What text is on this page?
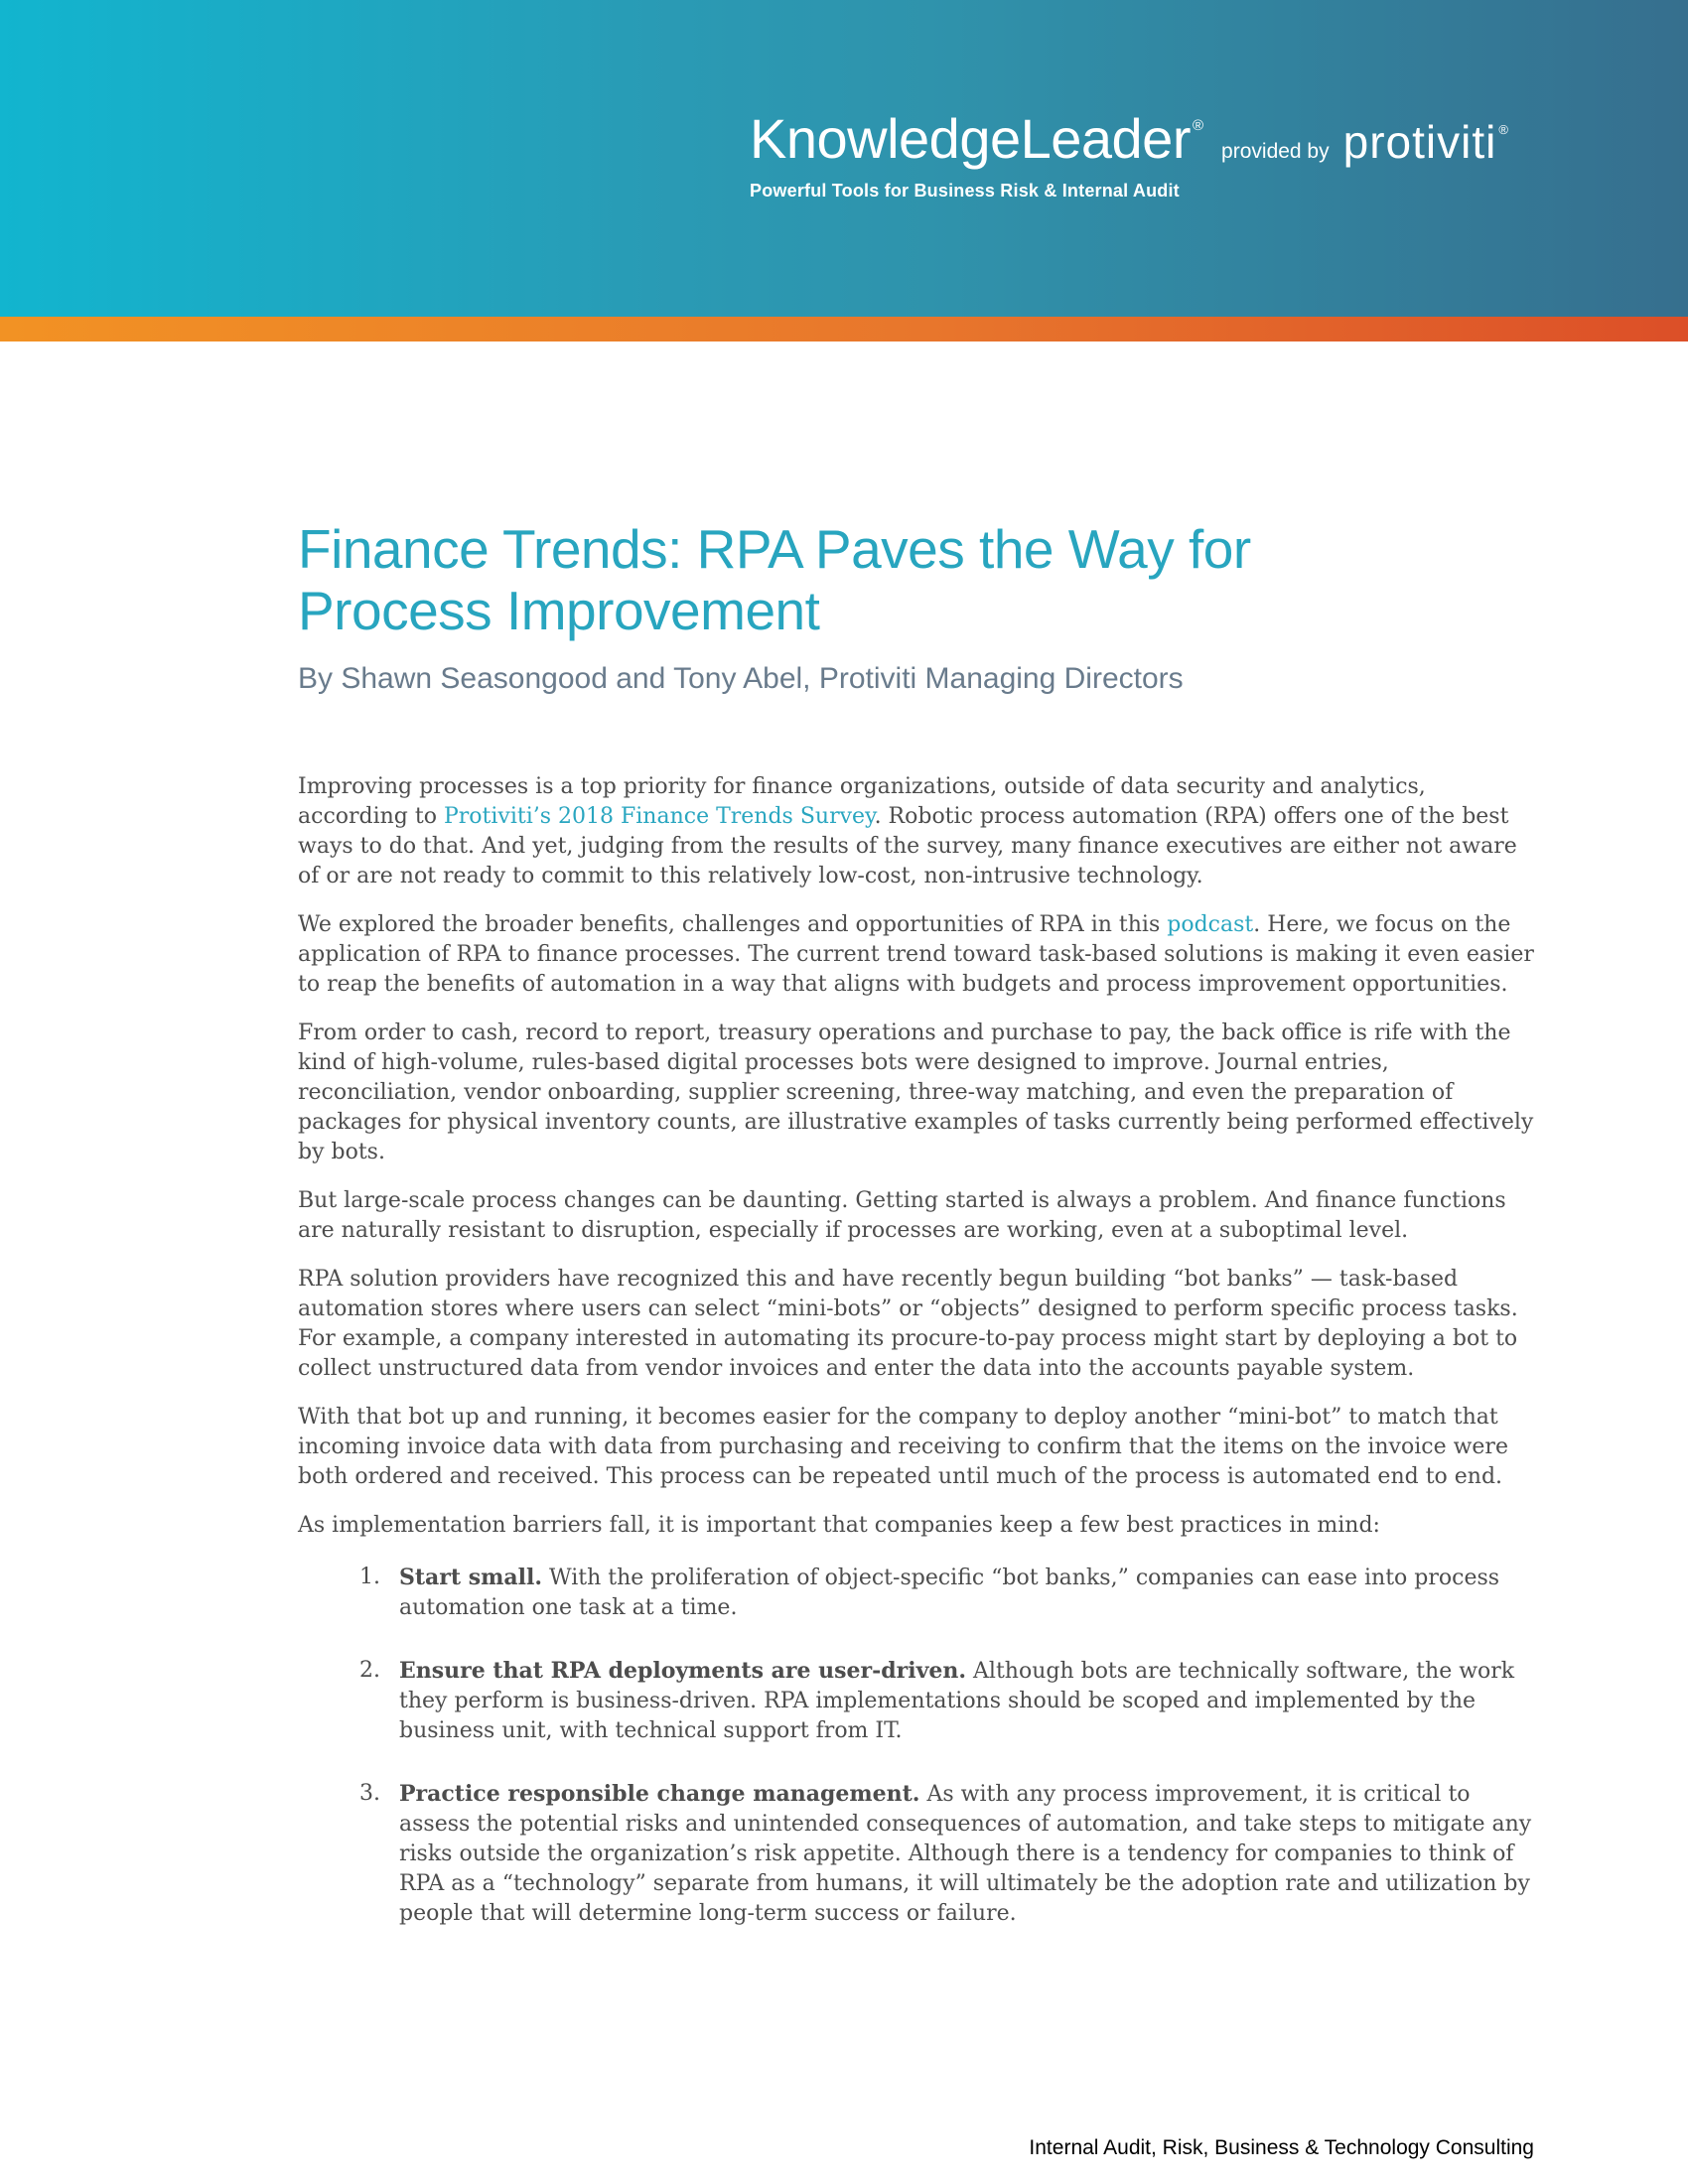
KnowledgeLeader ®
provided by protiviti ®
Powerful Tools for Business Risk & Internal Audit
Finance Trends: RPA Paves the Way for Process Improvement
By Shawn Seasongood and Tony Abel, Protiviti Managing Directors

Improving processes is a top priority for finance organizations, outside of data security and analytics, according to Protiviti’s 2018 Finance Trends Survey. Robotic process automation (RPA) offers one of the best ways to do that. And yet, judging from the results of the survey, many finance executives are either not aware of or are not ready to commit to this relatively low-cost, non-intrusive technology.

We explored the broader benefits, challenges and opportunities of RPA in this podcast. Here, we focus on the application of RPA to finance processes. The current trend toward task-based solutions is making it even easier to reap the benefits of automation in a way that aligns with budgets and process improvement opportunities.

From order to cash, record to report, treasury operations and purchase to pay, the back office is rife with the kind of high-volume, rules-based digital processes bots were designed to improve. Journal entries, reconciliation, vendor onboarding, supplier screening, three-way matching, and even the preparation of packages for physical inventory counts, are illustrative examples of tasks currently being performed effectively by bots.

But large-scale process changes can be daunting. Getting started is always a problem. And finance functions are naturally resistant to disruption, especially if processes are working, even at a suboptimal level.

RPA solution providers have recognized this and have recently begun building “bot banks” — task-based automation stores where users can select “mini-bots” or “objects” designed to perform specific process tasks. For example, a company interested in automating its procure-to-pay process might start by deploying a bot to collect unstructured data from vendor invoices and enter the data into the accounts payable system.

With that bot up and running, it becomes easier for the company to deploy another “mini-bot” to match that incoming invoice data with data from purchasing and receiving to confirm that the items on the invoice were both ordered and received. This process can be repeated until much of the process is automated end to end.

As implementation barriers fall, it is important that companies keep a few best practices in mind:

1. Start small. With the proliferation of object-specific “bot banks,” companies can ease into process automation one task at a time.
2. Ensure that RPA deployments are user-driven. Although bots are technically software, the work they perform is business-driven. RPA implementations should be scoped and implemented by the business unit, with technical support from IT.
3. Practice responsible change management. As with any process improvement, it is critical to assess the potential risks and unintended consequences of automation, and take steps to mitigate any risks outside the organization’s risk appetite. Although there is a tendency for companies to think of RPA as a “technology” separate from humans, it will ultimately be the adoption rate and utilization by people that will determine long-term success or failure.
Internal Audit, Risk, Business & Technology Consulting
